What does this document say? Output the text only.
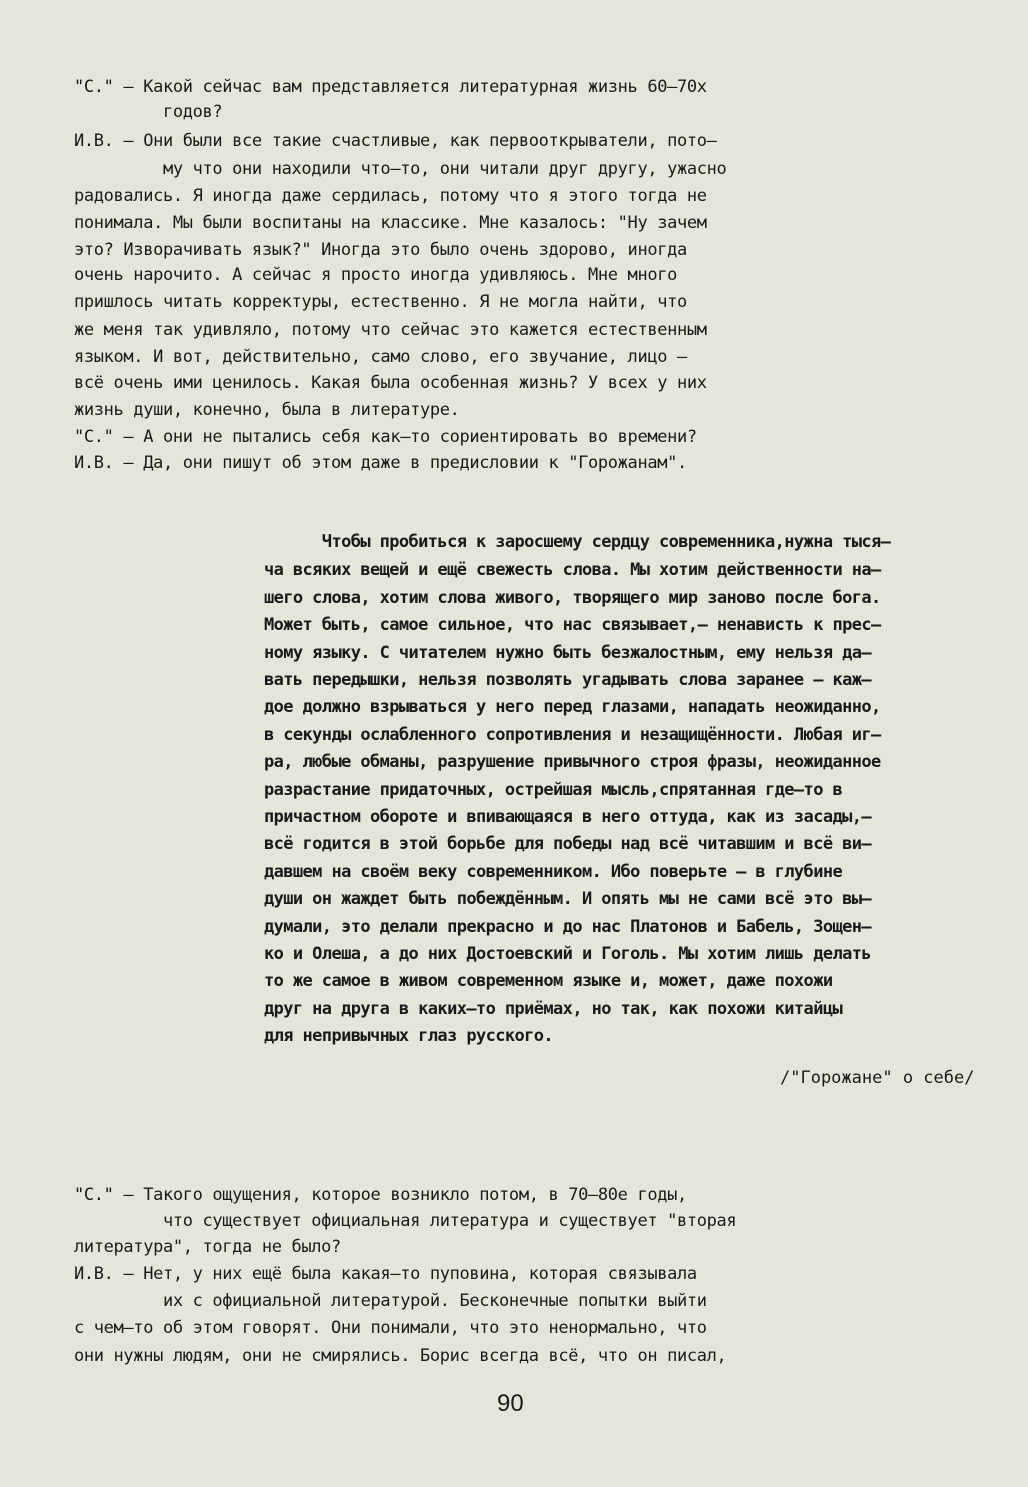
"С." – Какой сейчас вам представляется литературная жизнь 60–70х
годов?
И.В. – Они были все такие счастливые, как первооткрыватели, пото–
му что они находили что–то, они читали друг другу, ужасно
радовались. Я иногда даже сердилась, потому что я этого тогда не
понимала. Мы были воспитаны на классике. Мне казалось: "Ну зачем
это? Изворачивать язык?" Иногда это было очень здорово, иногда
очень нарочито. А сейчас я просто иногда удивляюсь. Мне много
пришлось читать корректуры, естественно. Я не могла найти, что
же меня так удивляло, потому что сейчас это кажется естественным
языком. И вот, действительно, само слово, его звучание, лицо –
всё очень ими ценилось. Какая была особенная жизнь? У всех у них
жизнь души, конечно, была в литературе.
"С." – А они не пытались себя как–то сориентировать во времени?
И.В. – Да, они пишут об этом даже в предисловии к "Горожанам".
Чтобы пробиться к заросшему сердцу современника,нужна тыся–
ча всяких вещей и ещё свежесть слова. Мы хотим действенности на–
шего слова, хотим слова живого, творящего мир заново после бога.
Может быть, самое сильное, что нас связывает,– ненависть к прес–
ному языку. С читателем нужно быть безжалостным, ему нельзя да–
вать передышки, нельзя позволять угадывать слова заранее – каж–
дое должно взрываться у него перед глазами, нападать неожиданно,
в секунды ослабленного сопротивления и незащищённости. Любая иг–
ра, любые обманы, разрушение привычного строя фразы, неожиданное
разрастание придаточных, острейшая мысль,спрятанная где–то в
причастном обороте и впивающаяся в него оттуда, как из засады,–
всё годится в этой борьбе для победы над всё читавшим и всё ви–
давшем на своём веку современником. Ибо поверьте – в глубине
души он жаждет быть побеждённым. И опять мы не сами всё это вы–
думали, это делали прекрасно и до нас Платонов и Бабель, Зощен–
ко и Олеша, а до них Достоевский и Гоголь. Мы хотим лишь делать
то же самое в живом современном языке и, может, даже похожи
друг на друга в каких–то приёмах, но так, как похожи китайцы
для непривычных глаз русского.
/"Горожане" о себе/
"С." – Такого ощущения, которое возникло потом, в 70–80е годы,
что существует официальная литература и существует "вторая
литература", тогда не было?
И.В. – Нет, у них ещё была какая–то пуповина, которая связывала
их с официальной литературой. Бесконечные попытки выйти
с чем–то об этом говорят. Они понимали, что это ненормально, что
они нужны людям, они не смирялись. Борис всегда всё, что он писал,
90
